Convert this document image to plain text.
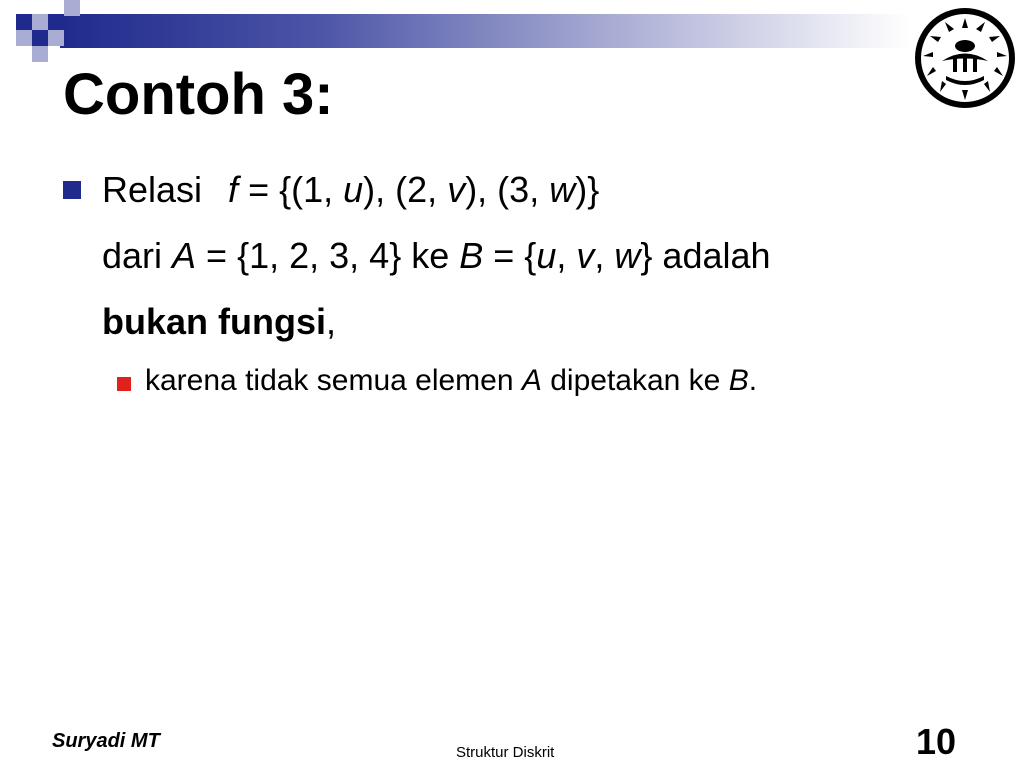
Contoh 3:
Relasi f = {(1, u), (2, v), (3, w)}
dari A = {1, 2, 3, 4} ke B = {u, v, w} adalah
bukan fungsi,
karena tidak semua elemen A dipetakan ke B.
Suryadi MT
Struktur Diskrit	10
